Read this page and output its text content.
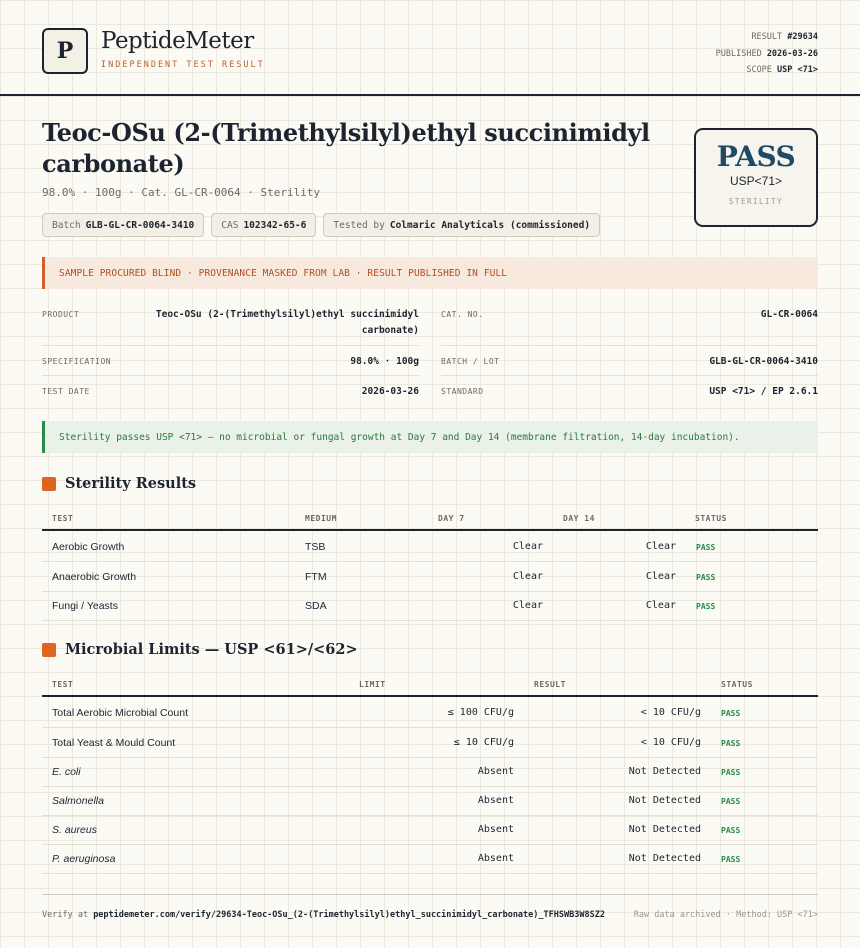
P PeptideMeter
INDEPENDENT TEST RESULT
RESULT #29634
PUBLISHED 2026-03-26
SCOPE USP <71>
Teoc-OSu (2-(Trimethylsilyl)ethyl succinimidyl carbonate)
98.0% · 100g · Cat. GL-CR-0064 · Sterility
Batch GLB-GL-CR-0064-3410	CAS 102342-65-6	Tested by Colmaric Analyticals (commissioned)
PASS
USP<71>
STERILITY
SAMPLE PROCURED BLIND · PROVENANCE MASKED FROM LAB · RESULT PUBLISHED IN FULL
PRODUCT	Teoc-OSu (2-(Trimethylsilyl)ethyl succinimidyl
carbonate)
SPECIFICATION	98.0% · 100g
TEST DATE	2026-03-26
CAT. NO.	GL-CR-0064
BATCH / LOT	GLB-GL-CR-0064-3410
STANDARD	USP <71> / EP 2.6.1
Sterility passes USP <71> — no microbial or fungal growth at Day 7 and Day 14 (membrane filtration, 14-day incubation).
Sterility Results
TEST	MEDIUM	DAY 7	DAY 14	STATUS
Aerobic Growth	TSB	Clear	Clear	PASS
Anaerobic Growth	FTM	Clear	Clear	PASS
Fungi / Yeasts	SDA	Clear	Clear	PASS
Microbial Limits — USP <61>/<62>
TEST	LIMIT	RESULT	STATUS
Total Aerobic Microbial Count	≤ 100 CFU/g	< 10 CFU/g	PASS
Total Yeast & Mould Count	≤ 10 CFU/g	< 10 CFU/g	PASS
E. coli	Absent	Not Detected	PASS
Salmonella	Absent	Not Detected	PASS
S. aureus	Absent	Not Detected	PASS
P. aeruginosa	Absent	Not Detected	PASS
Verify at peptidemeter.com/verify/29634-Teoc-OSu_(2-(Trimethylsilyl)ethyl_succinimidyl_carbonate)_TFHSWB3W8SZ2	Raw data archived · Method: USP <71>
